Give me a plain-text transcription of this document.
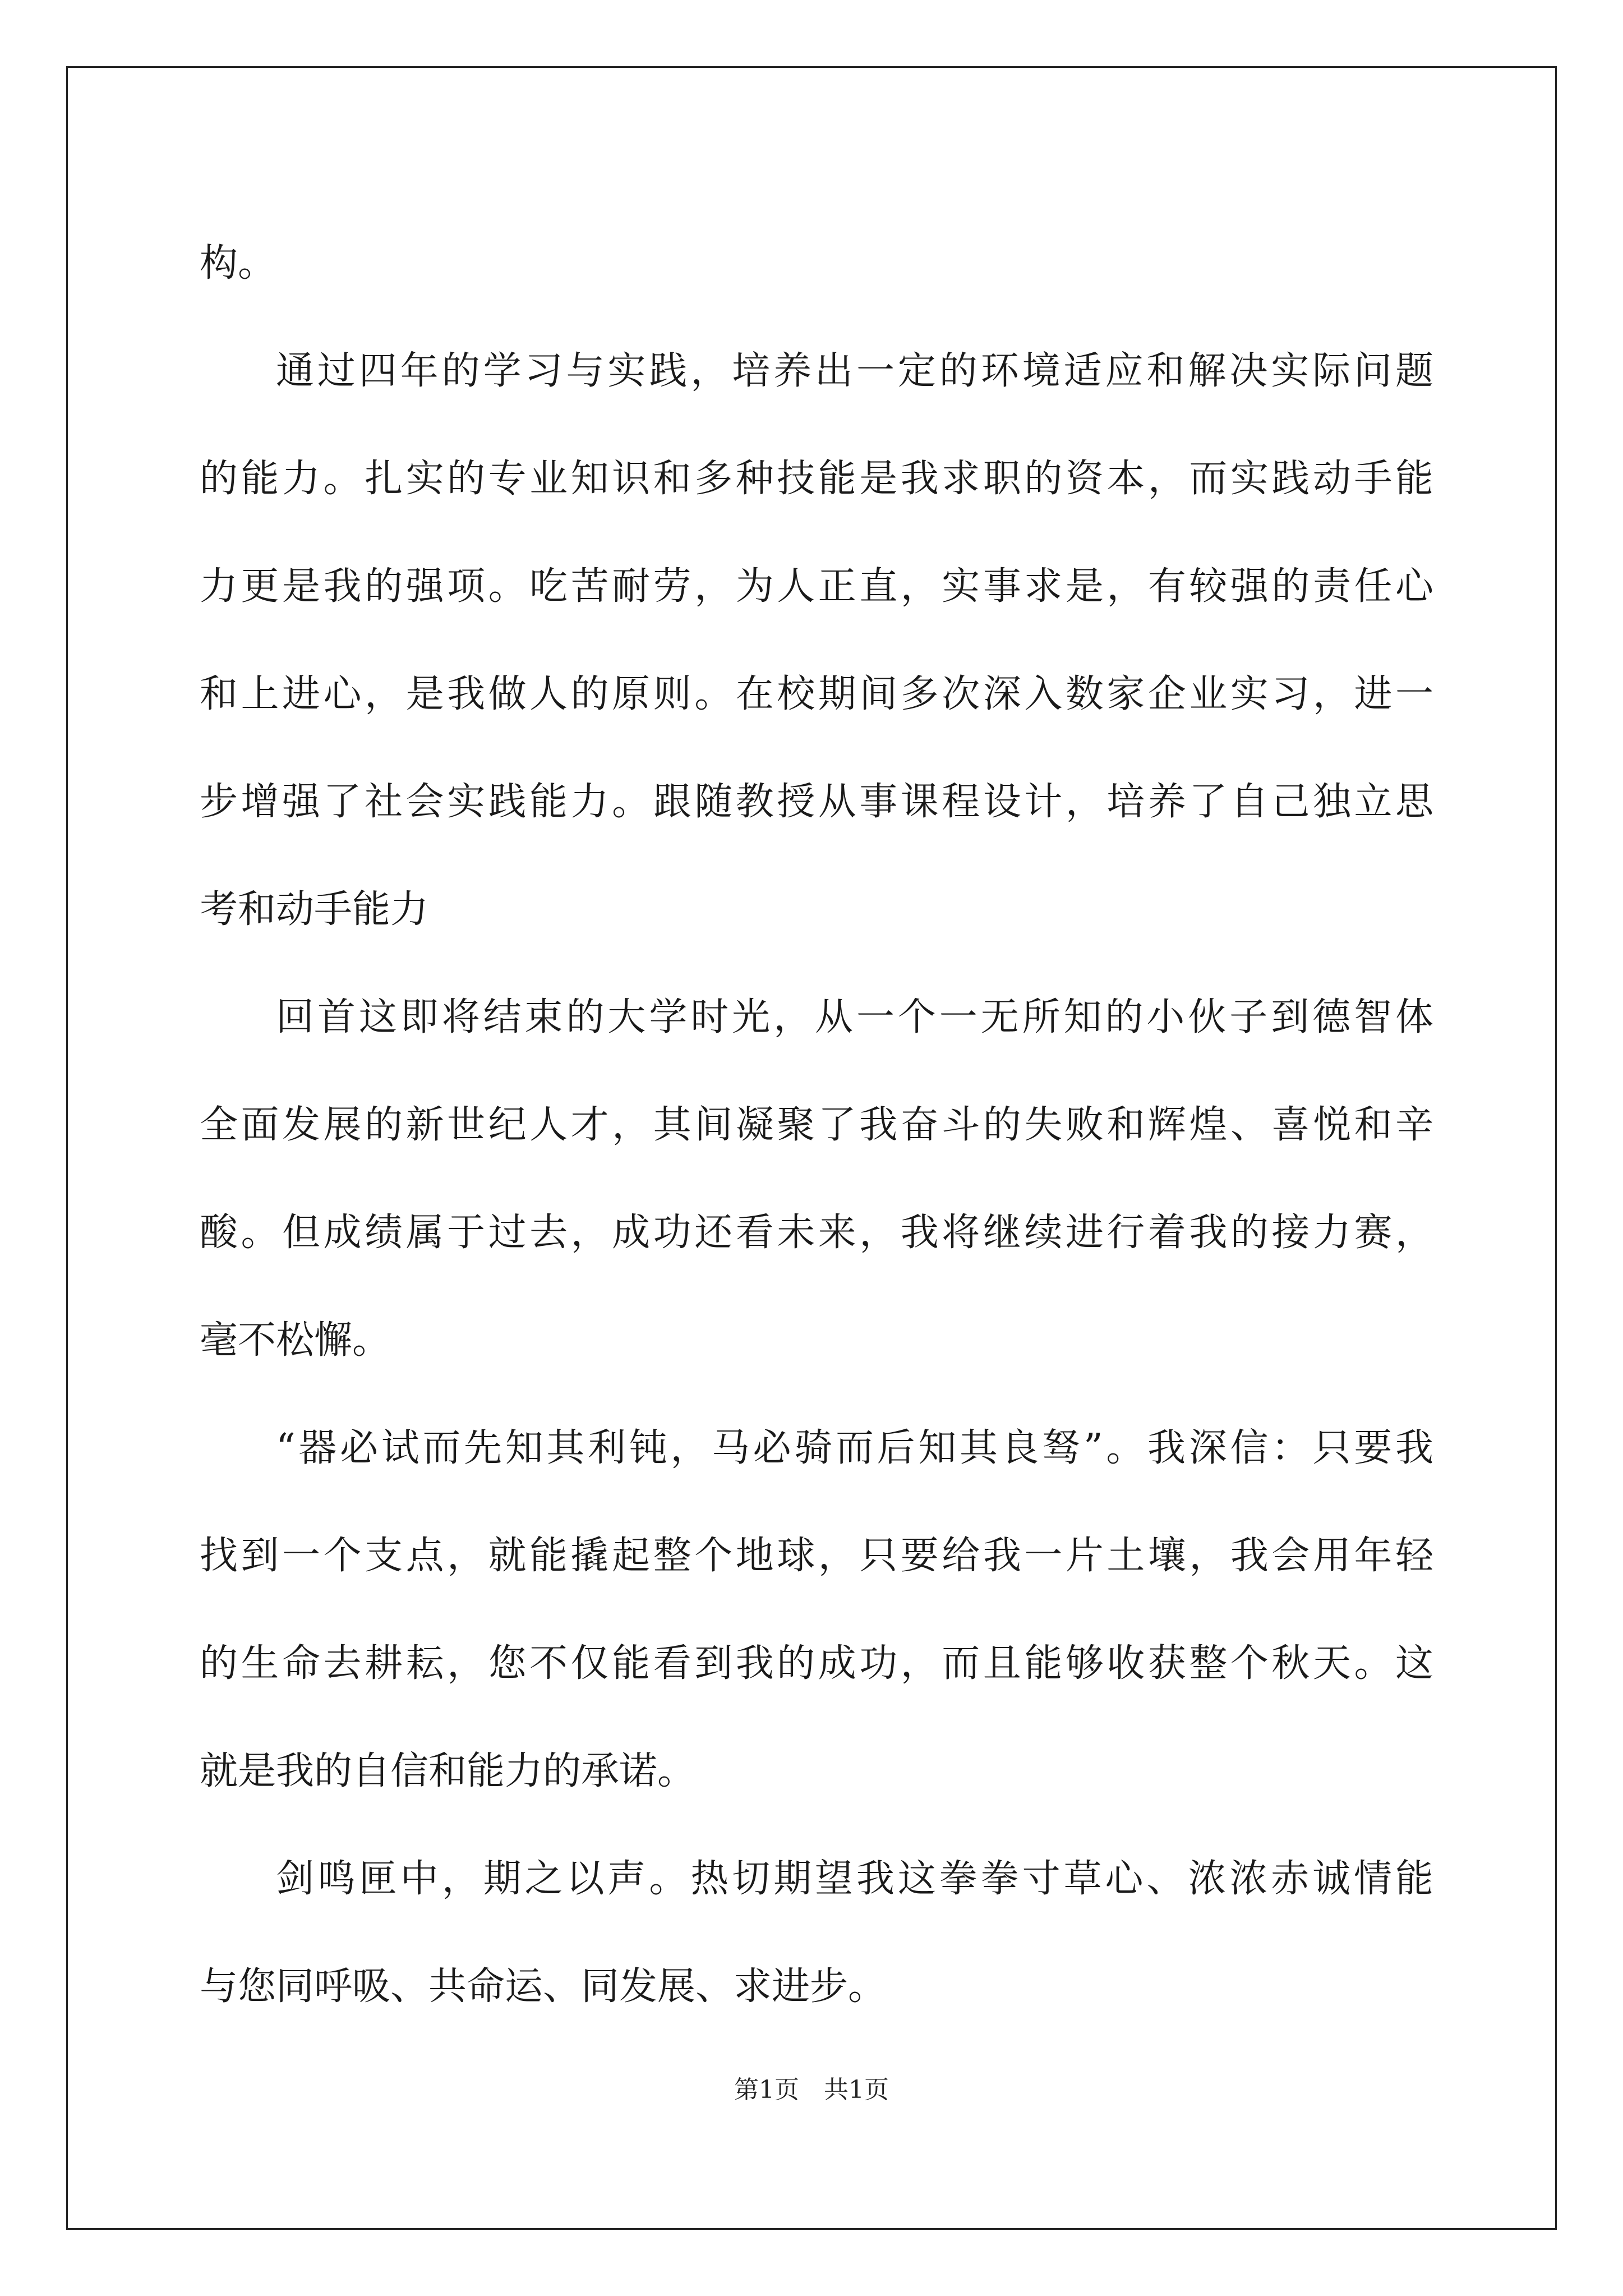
构。
通过四年的学习与实践，培养出一定的环境适应和解决实际问题
的能力。扎实的专业知识和多种技能是我求职的资本，而实践动手能
力更是我的强项。吃苦耐劳，为人正直，实事求是，有较强的责任心
和上进心，是我做人的原则。在校期间多次深入数家企业实习，进一
步增强了社会实践能力。跟随教授从事课程设计，培养了自己独立思
考和动手能力
回首这即将结束的大学时光，从一个一无所知的小伙子到德智体
全面发展的新世纪人才，其间凝聚了我奋斗的失败和辉煌、喜悦和辛
酸。但成绩属于过去，成功还看未来，我将继续进行着我的接力赛，
毫不松懈。
“器必试而先知其利钝，马必骑而后知其良驽”。我深信：只要我
找到一个支点，就能撬起整个地球，只要给我一片土壤，我会用年轻
的生命去耕耘，您不仅能看到我的成功，而且能够收获整个秋天。这
就是我的自信和能力的承诺。
剑鸣匣中，期之以声。热切期望我这拳拳寸草心、浓浓赤诚情能
与您同呼吸、共命运、同发展、求进步。
第1页 共1页
